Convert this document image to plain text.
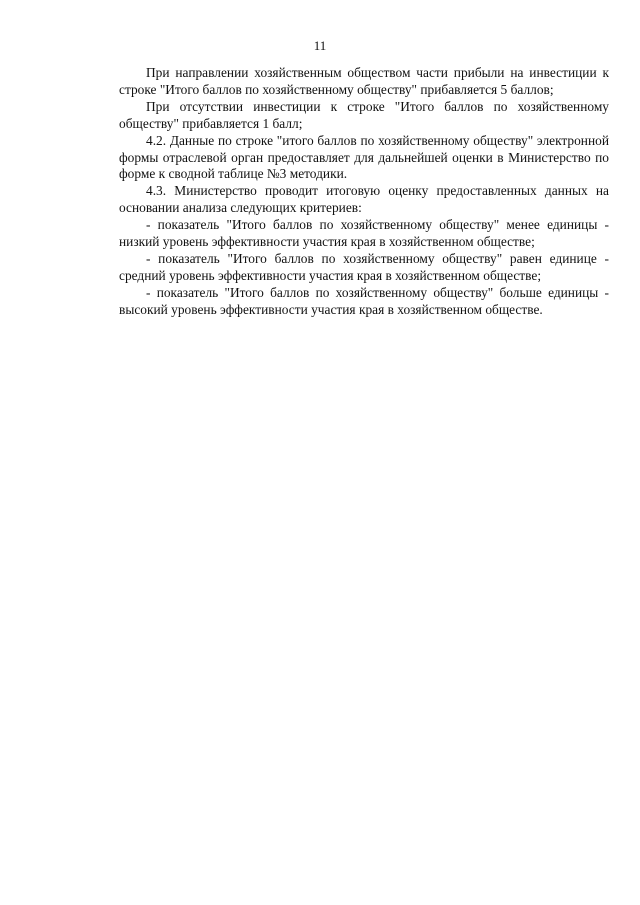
11

При направлении хозяйственным обществом части прибыли на инвестиции к строке "Итого баллов по хозяйственному обществу" прибавляется 5 баллов;

При отсутствии инвестиции к строке "Итого баллов по хозяйственному обществу" прибавляется 1 балл;

4.2. Данные по строке "итого баллов по хозяйственному обществу" электронной формы отраслевой орган предоставляет для дальнейшей оценки в Министерство по форме к сводной таблице №3 методики.

4.3. Министерство проводит итоговую оценку предоставленных данных на основании анализа следующих критериев:

- показатель "Итого баллов по хозяйственному обществу" менее единицы - низкий уровень эффективности участия края в хозяйственном обществе;

- показатель "Итого баллов по хозяйственному обществу" равен единице - средний уровень эффективности участия края в хозяйственном обществе;

- показатель "Итого баллов по хозяйственному обществу" больше единицы - высокий уровень эффективности участия края в хозяйственном обществе.
